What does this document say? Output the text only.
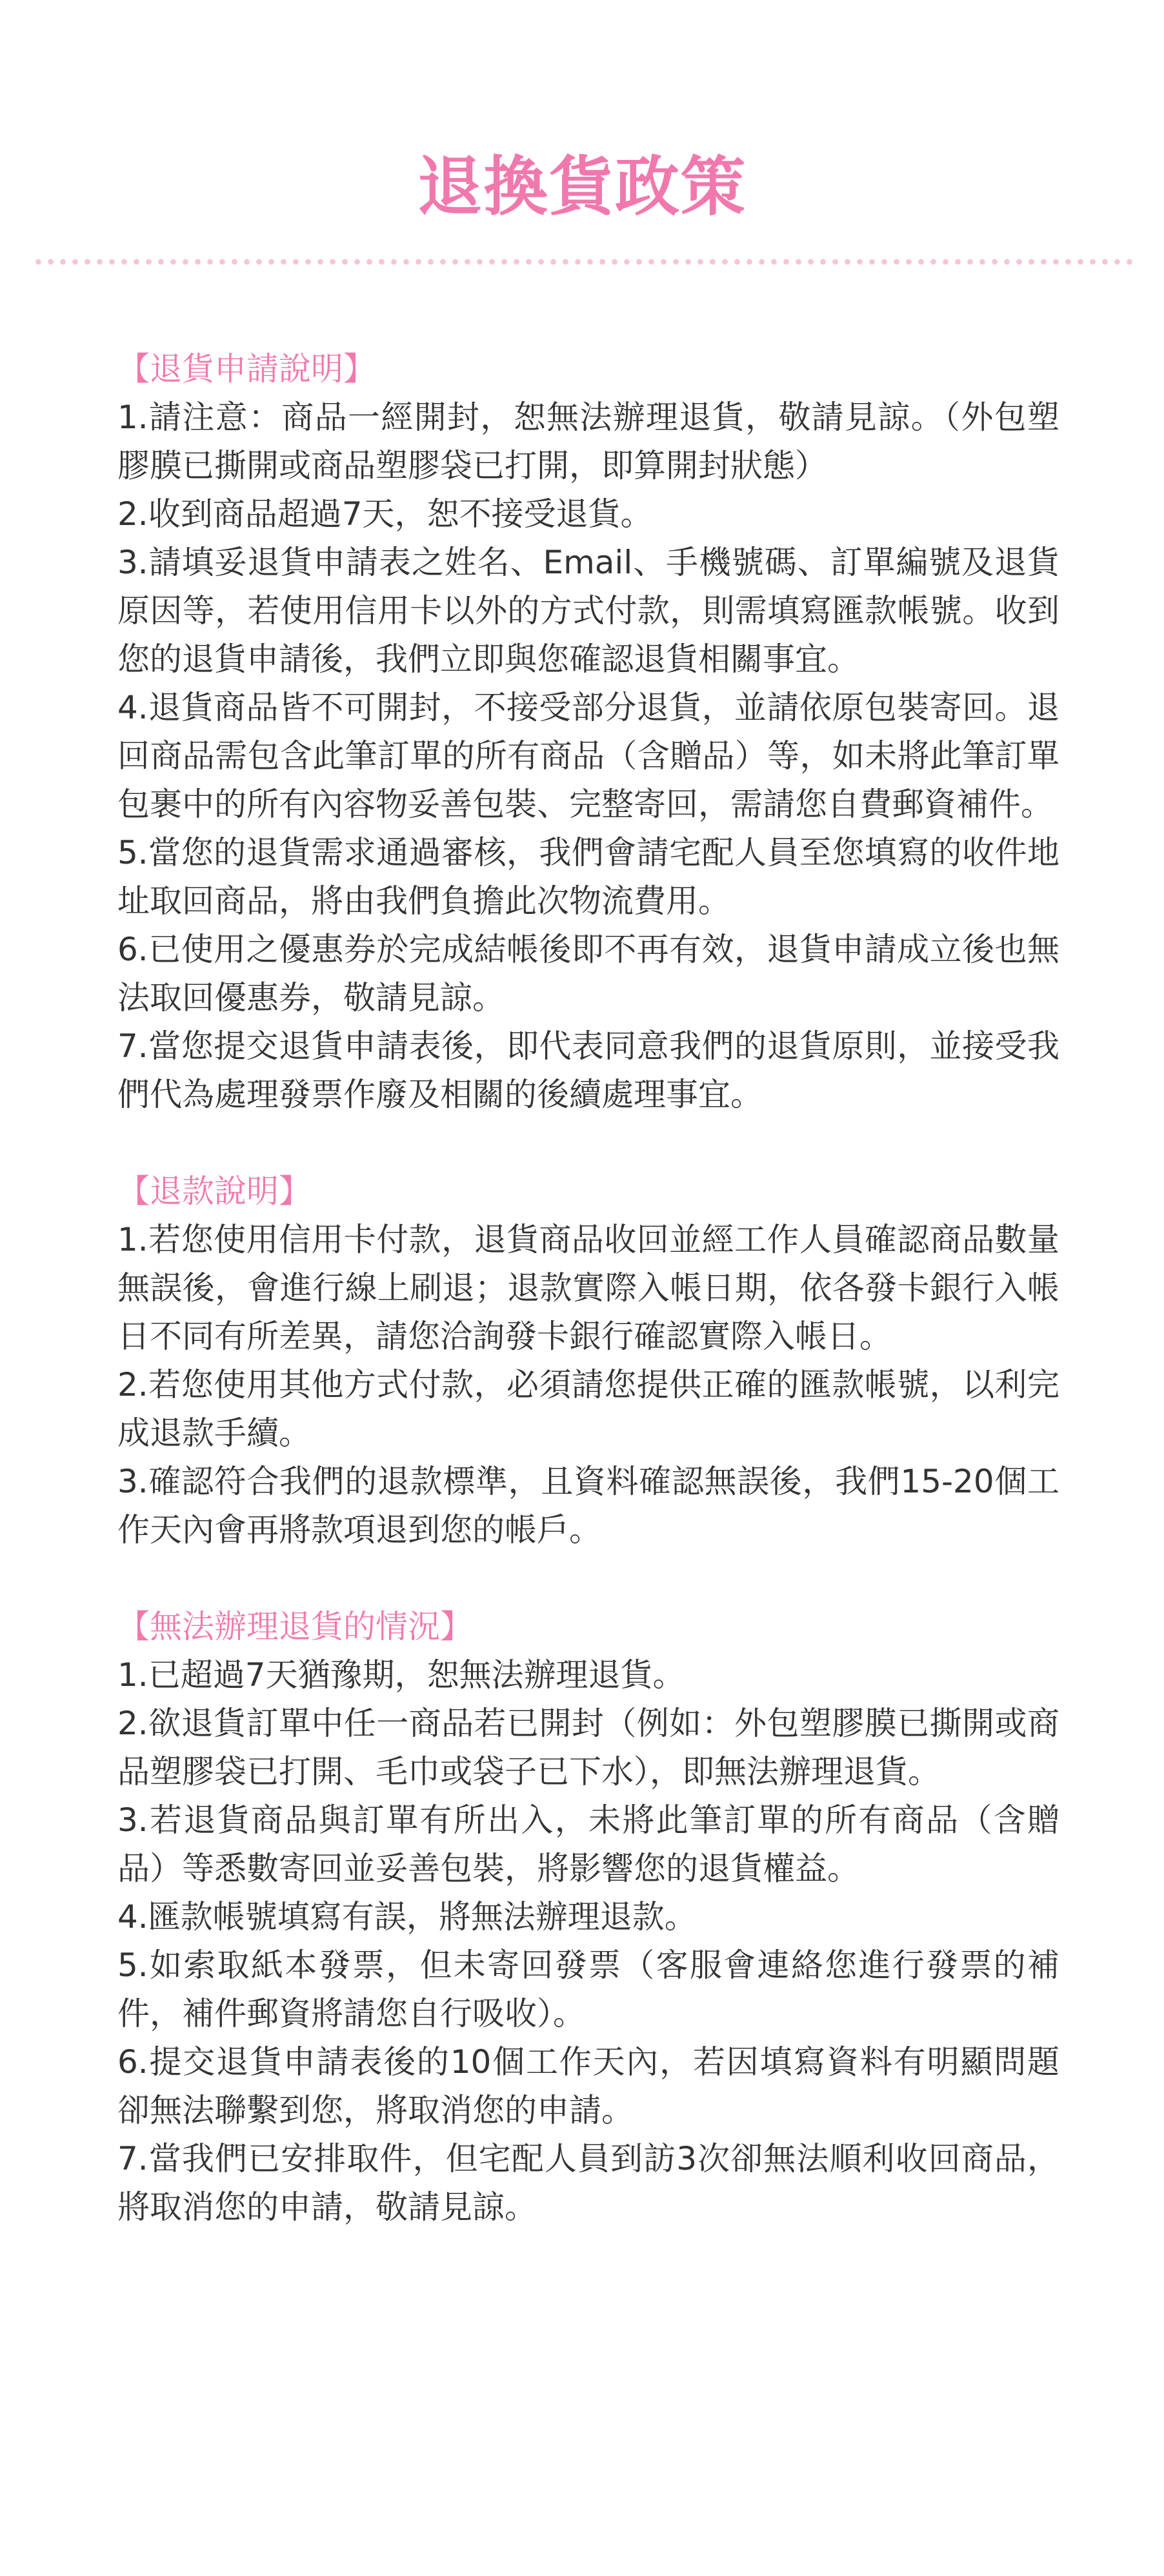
退換貨政策

【退貨申請說明】

1.請注意：商品一經開封，恕無法辦理退貨，敬請見諒。（外包塑膠膜已撕開或商品塑膠袋已打開，即算開封狀態）

2.收到商品超過7天，恕不接受退貨。

3.請填妥退貨申請表之姓名、Email、手機號碼、訂單編號及退貨原因等，若使用信用卡以外的方式付款，則需填寫匯款帳號。收到您的退貨申請後，我們立即與您確認退貨相關事宜。

4.退貨商品皆不可開封，不接受部分退貨，並請依原包裝寄回。退回商品需包含此筆訂單的所有商品（含贈品）等，如未將此筆訂單包裹中的所有內容物妥善包裝、完整寄回，需請您自費郵資補件。

5.當您的退貨需求通過審核，我們會請宅配人員至您填寫的收件地址取回商品，將由我們負擔此次物流費用。

6.已使用之優惠券於完成結帳後即不再有效，退貨申請成立後也無法取回優惠券，敬請見諒。

7.當您提交退貨申請表後，即代表同意我們的退貨原則，並接受我們代為處理發票作廢及相關的後續處理事宜。

【退款說明】

1.若您使用信用卡付款，退貨商品收回並經工作人員確認商品數量無誤後，會進行線上刷退；退款實際入帳日期，依各發卡銀行入帳日不同有所差異，請您洽詢發卡銀行確認實際入帳日。

2.若您使用其他方式付款，必須請您提供正確的匯款帳號，以利完成退款手續。

3.確認符合我們的退款標準，且資料確認無誤後，我們15-20個工作天內會再將款項退到您的帳戶。

【無法辦理退貨的情況】

1.已超過7天猶豫期，恕無法辦理退貨。

2.欲退貨訂單中任一商品若已開封（例如：外包塑膠膜已撕開或商品塑膠袋已打開、毛巾或袋子已下水），即無法辦理退貨。

3.若退貨商品與訂單有所出入，未將此筆訂單的所有商品（含贈品）等悉數寄回並妥善包裝，將影響您的退貨權益。

4.匯款帳號填寫有誤，將無法辦理退款。

5.如索取紙本發票，但未寄回發票（客服會連絡您進行發票的補件，補件郵資將請您自行吸收）。

6.提交退貨申請表後的10個工作天內，若因填寫資料有明顯問題卻無法聯繫到您，將取消您的申請。

7.當我們已安排取件，但宅配人員到訪3次卻無法順利收回商品，將取消您的申請，敬請見諒。
